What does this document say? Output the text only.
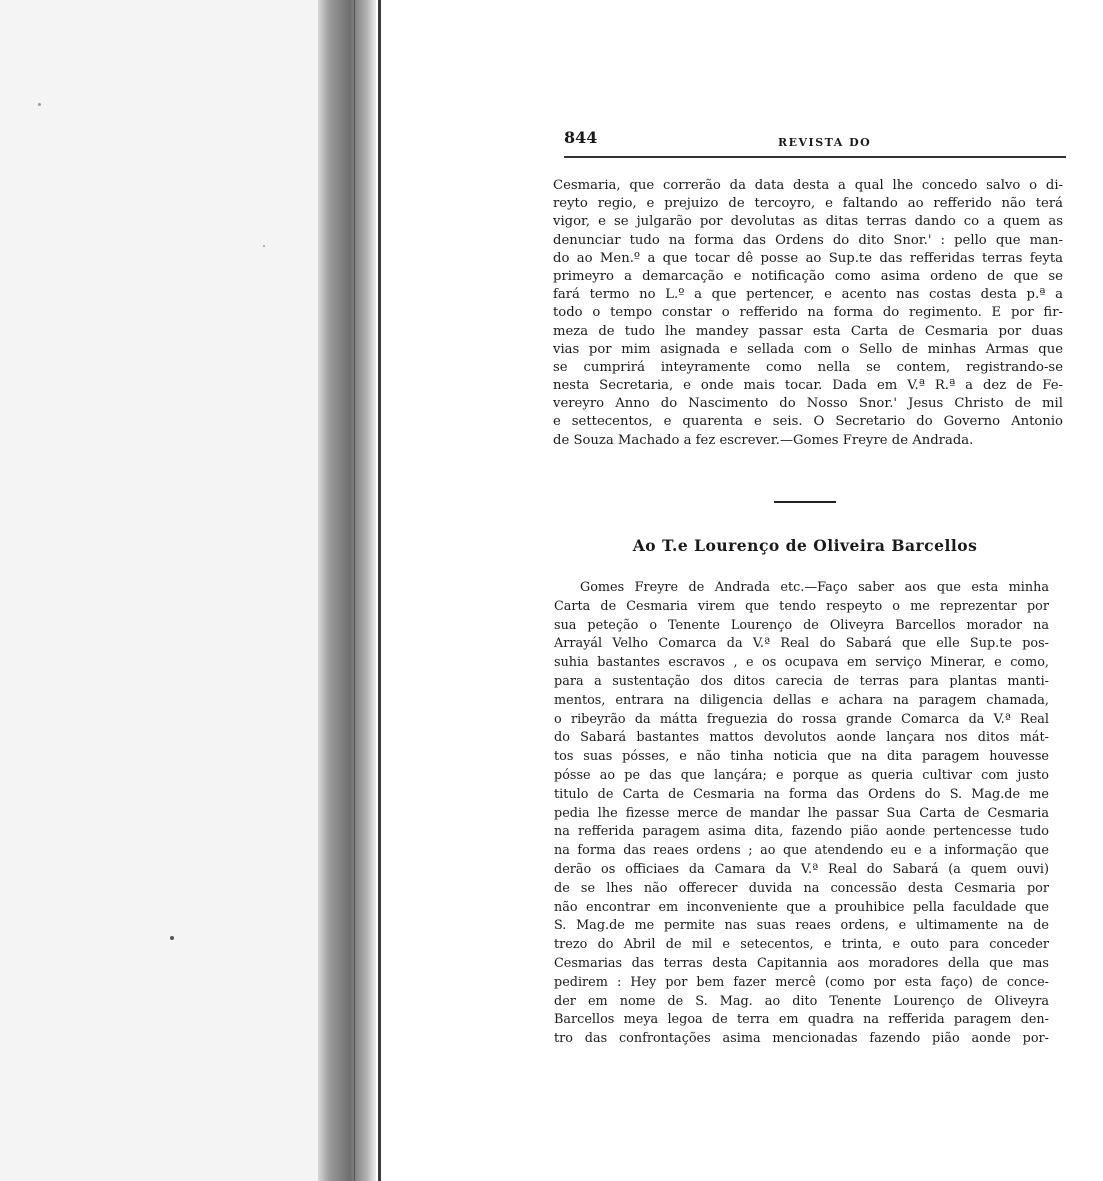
844	REVISTA DO
Cesmaria, que correrão da data desta a qual lhe concedo salvo o di-
reyto regio, e prejuizo de tercoyro, e faltando ao refferido não terá
vigor, e se julgarão por devolutas as ditas terras dando co a quem as
denunciar tudo na forma das Ordens do dito Snor.' : pello que man-
do ao Men.º a que tocar dê posse ao Sup.te das refferidas terras feyta
primeyro a demarcação e notificação como asima ordeno de que se
fará termo no L.º a que pertencer, e acento nas costas desta p.ª a
todo o tempo constar o refferido na forma do regimento. E por fir-
meza de tudo lhe mandey passar esta Carta de Cesmaria por duas
vias por mim asignada e sellada com o Sello de minhas Armas que
se cumprirá inteyramente como nella se contem, registrando-se
nesta Secretaria, e onde mais tocar. Dada em V.ª R.ª a dez de Fe-
vereyro Anno do Nascimento do Nosso Snor.' Jesus Christo de mil
e settecentos, e quarenta e seis. O Secretario do Governo Antonio
de Souza Machado a fez escrever.—Gomes Freyre de Andrada.
Ao T.e Lourenço de Oliveira Barcellos
Gomes Freyre de Andrada etc.—Faço saber aos que esta minha
Carta de Cesmaria virem que tendo respeyto o me reprezentar por
sua peteção o Tenente Lourenço de Oliveyra Barcellos morador na
Arrayál Velho Comarca da V.ª Real do Sabará que elle Sup.te pos-
suhia bastantes escravos , e os ocupava em serviço Minerar, e como,
para a sustentação dos ditos carecia de terras para plantas manti-
mentos, entrara na diligencia dellas e achara na paragem chamada,
o ribeyrão da mátta freguezia do rossa grande Comarca da V.ª Real
do Sabará bastantes mattos devolutos aonde lançara nos ditos mát-
tos suas pósses, e não tinha noticia que na dita paragem houvesse
pósse ao pe das que lançára; e porque as queria cultivar com justo
titulo de Carta de Cesmaria na forma das Ordens do S. Mag.de me
pedia lhe fizesse merce de mandar lhe passar Sua Carta de Cesmaria
na refferida paragem asima dita, fazendo pião aonde pertencesse tudo
na forma das reaes ordens ; ao que atendendo eu e a informação que
derão os officiaes da Camara da V.ª Real do Sabará (a quem ouvi)
de se lhes não offerecer duvida na concessão desta Cesmaria por
não encontrar em inconveniente que a prouhibice pella faculdade que
S. Mag.de me permite nas suas reaes ordens, e ultimamente na de
trezo do Abril de mil e setecentos, e trinta, e outo para conceder
Cesmarias das terras desta Capitannia aos moradores della que mas
pedirem : Hey por bem fazer mercê (como por esta faço) de conce-
der em nome de S. Mag. ao dito Tenente Lourenço de Oliveyra
Barcellos meya legoa de terra em quadra na refferida paragem den-
tro das confrontações asima mencionadas fazendo pião aonde por-
